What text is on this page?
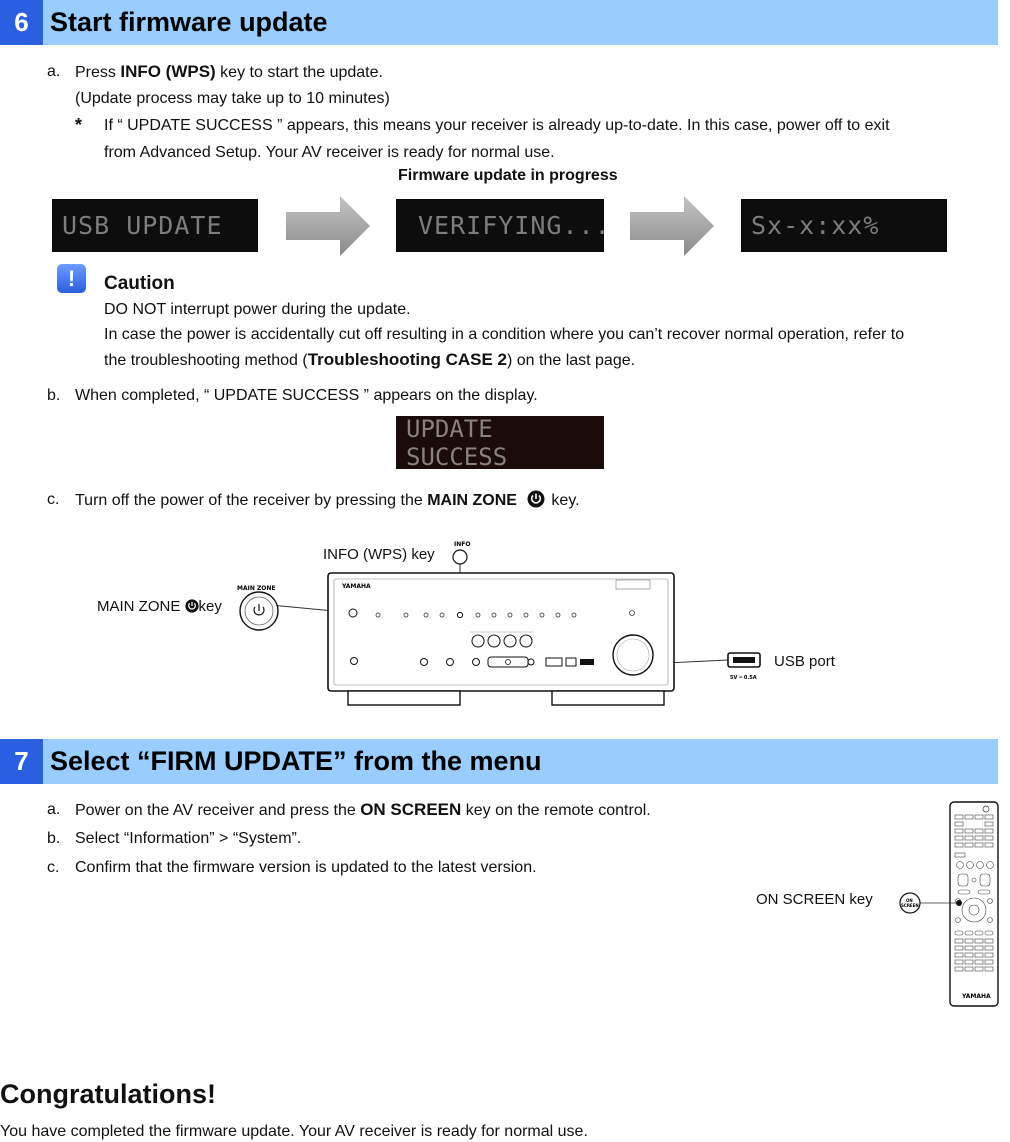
6 Start firmware update
a. Press INFO (WPS) key to start the update.
(Update process may take up to 10 minutes)
* If “ UPDATE SUCCESS ” appears, this means your receiver is already up-to-date. In this case, power off to exit
from Advanced Setup. Your AV receiver is ready for normal use.
Firmware update in progress
USB UPDATE	VERIFYING...	Sx-x:xx%
!	Caution
DO NOT interrupt power during the update.
In case the power is accidentally cut off resulting in a condition where you can’t recover normal operation, refer to
the troubleshooting method (Troubleshooting CASE 2) on the last page.
b. When completed, “ UPDATE SUCCESS ” appears on the display.
UPDATE SUCCESS
c. Turn off the power of the receiver by pressing the MAIN ZONE key.
INFO (WPS) key
MAIN ZONE key
USB port
INFO
MAIN ZONE	YAMAHA
5V ═ 0.5A
7 Select “FIRM UPDATE” from the menu
a. Power on the AV receiver and press the ON SCREEN key on the remote control.
b. Select “Information” > “System”.
c. Confirm that the firmware version is updated to the latest version.
ON SCREEN key
YAMAHA
ON
SCREEN
Congratulations!
You have completed the firmware update. Your AV receiver is ready for normal use.
